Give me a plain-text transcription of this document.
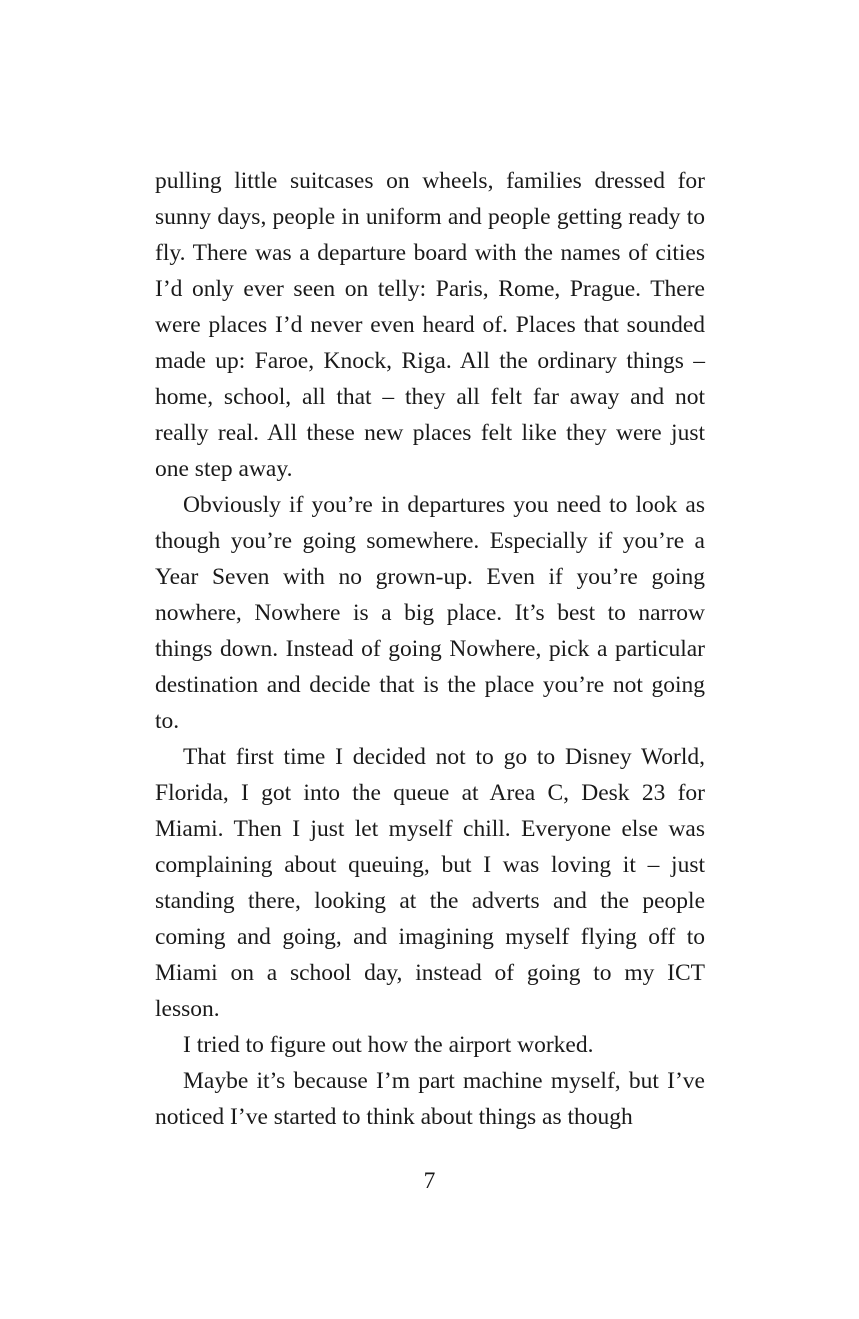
pulling little suitcases on wheels, families dressed for sunny days, people in uniform and people getting ready to fly. There was a departure board with the names of cities I’d only ever seen on telly: Paris, Rome, Prague. There were places I’d never even heard of. Places that sounded made up: Faroe, Knock, Riga. All the ordinary things – home, school, all that – they all felt far away and not really real. All these new places felt like they were just one step away.

Obviously if you’re in departures you need to look as though you’re going somewhere. Especially if you’re a Year Seven with no grown-up. Even if you’re going nowhere, Nowhere is a big place. It’s best to narrow things down. Instead of going Nowhere, pick a particular destination and decide that is the place you’re not going to.

That first time I decided not to go to Disney World, Florida, I got into the queue at Area C, Desk 23 for Miami. Then I just let myself chill. Everyone else was complaining about queuing, but I was loving it – just standing there, looking at the adverts and the people coming and going, and imagining myself flying off to Miami on a school day, instead of going to my ICT lesson.

I tried to figure out how the airport worked.

Maybe it’s because I’m part machine myself, but I’ve noticed I’ve started to think about things as though

7
